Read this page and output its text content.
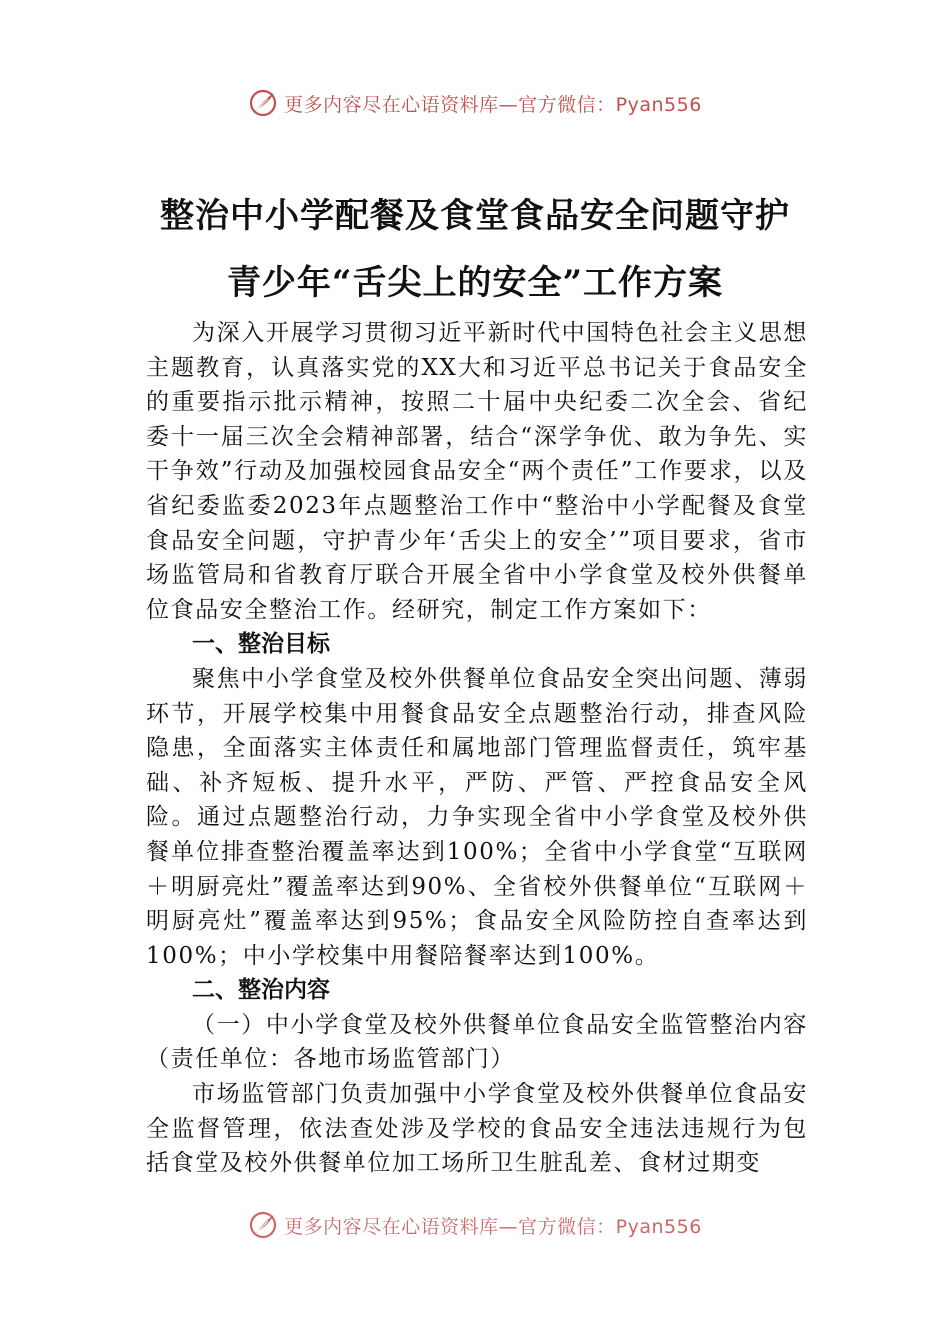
更多内容尽在心语资料库—官方微信：Pyan556
整治中小学配餐及食堂食品安全问题守护
青少年“舌尖上的安全”工作方案

为深入开展学习贯彻习近平新时代中国特色社会主义思想主题教育，认真落实党的XX大和习近平总书记关于食品安全的重要指示批示精神，按照二十届中央纪委二次全会、省纪委十一届三次全会精神部署，结合“深学争优、敢为争先、实干争效”行动及加强校园食品安全“两个责任”工作要求，以及省纪委监委2023年点题整治工作中“整治中小学配餐及食堂食品安全问题，守护青少年‘舌尖上的安全’”项目要求，省市场监管局和省教育厅联合开展全省中小学食堂及校外供餐单位食品安全整治工作。经研究，制定工作方案如下：

一、整治目标

聚焦中小学食堂及校外供餐单位食品安全突出问题、薄弱环节，开展学校集中用餐食品安全点题整治行动，排查风险隐患，全面落实主体责任和属地部门管理监督责任，筑牢基础、补齐短板、提升水平，严防、严管、严控食品安全风险。通过点题整治行动，力争实现全省中小学食堂及校外供餐单位排查整治覆盖率达到100%；全省中小学食堂“互联网＋明厨亮灶”覆盖率达到90%、全省校外供餐单位“互联网＋明厨亮灶”覆盖率达到95%；食品安全风险防控自查率达到100%；中小学校集中用餐陪餐率达到100%。

二、整治内容

（一）中小学食堂及校外供餐单位食品安全监管整治内容（责任单位：各地市场监管部门）

市场监管部门负责加强中小学食堂及校外供餐单位食品安全监督管理，依法查处涉及学校的食品安全违法违规行为包括食堂及校外供餐单位加工场所卫生脏乱差、食材过期变

更多内容尽在心语资料库—官方微信：Pyan556
